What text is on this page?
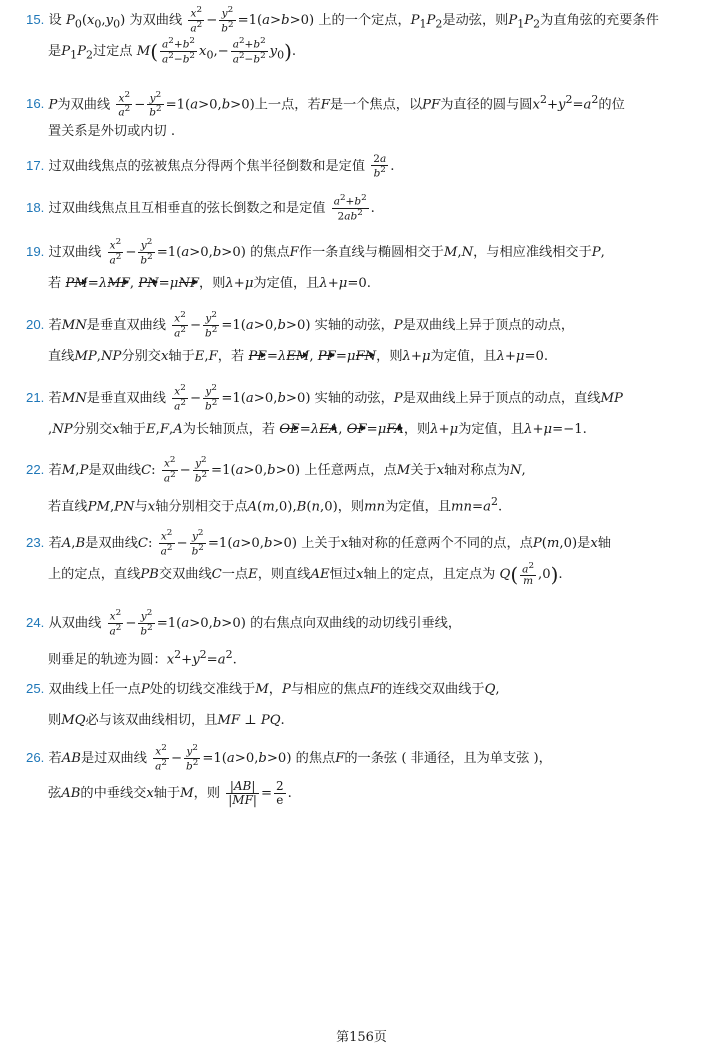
15. 设 $P_0(x_0,y_0)$ 为双曲线 $\frac{x^2}{a^2} - \frac{y^2}{b^2} =1(a>b>0)$ 上的一个定点，$P_1P_2$是动弦，则$P_1P_2$为直角弦的充要条件
是$P_1P_2$过定点 $M( \frac{a^2+b^2}{a^2-b^2} x_0,- \frac{a^2+b^2}{a^2-b^2} y_0)$.
16. P为双曲线 $\frac{x^2}{a^2} - \frac{y^2}{b^2} =1(a>0,b>0)$上一点，若F是一个焦点，以PF为直径的圆与圆$x^2+y^2=a^2$的位
置关系是外切或内切 .
17. 过双曲线焦点的弦被焦点分得两个焦半径倒数和是定值 $\frac{2a}{b^2}$ .
18. 过双曲线焦点且互相垂直的弦长倒数之和是定值 $\frac{a^2+b^2}{2ab^2}$ .
19. 过双曲线 $\frac{x^2}{a^2} - \frac{y^2}{b^2} =1(a>0,b>0)$ 的焦点F作一条直线与椭圆相交于M,N，与相应准线相交于P,
若 PM=λMF, PN=μNF，则λ+μ为定值，且λ+μ=0.
20. 若MN是垂直双曲线 $\frac{x^2}{a^2} - \frac{y^2}{b^2} =1(a>0,b>0)$ 实轴的动弦，P是双曲线上异于顶点的动点，
直线MP,NP分别交x轴于E,F，若 PE=λEM, PF=μFN，则λ+μ为定值，且λ+μ=0.
21. 若MN是垂直双曲线 $\frac{x^2}{a^2} - \frac{y^2}{b^2} =1(a>0,b>0)$ 实轴的动弦，P是双曲线上异于顶点的动点，直线MP
,NP分别交x轴于E,F,A为长轴顶点，若 OE=λEA, OF=μFA，则λ+μ为定值，且λ+μ=−1.
22. 若M,P是双曲线C: $\frac{x^2}{a^2} - \frac{y^2}{b^2} =1(a>0,b>0)$ 上任意两点，点M关于x轴对称点为N,
若直线PM,PN与x轴分别相交于点A(m,0),B(n,0)，则mn为定值，且$mn=a^2$.
23. 若A,B是双曲线C: $\frac{x^2}{a^2} - \frac{y^2}{b^2} =1(a>0,b>0)$ 上关于x轴对称的任意两个不同的点，点P(m,0)是x轴
上的定点，直线PB交双曲线C一点E，则直线AE恒过x轴上的定点，且定点为 $Q( \frac{a^2}{m} ,0)$.
24. 从双曲线 $\frac{x^2}{a^2} - \frac{y^2}{b^2} =1(a>0,b>0)$ 的右焦点向双曲线的动切线引垂线，
则垂足的轨迹为圆：$x^2+y^2=a^2$.
25. 双曲线上任一点P处的切线交准线于M，P与相应的焦点F的连线交双曲线于Q,
则MQ必与该双曲线相切，且MF ⊥ PQ.
26. 若AB是过双曲线 $\frac{x^2}{a^2} - \frac{y^2}{b^2} =1(a>0,b>0)$ 的焦点F的一条弦 ( 非通径，且为单支弦 )，
弦AB的中垂线交x轴于M，则 $\frac{|AB|}{|MF|} = \frac{2}{e}$ .
第156页
